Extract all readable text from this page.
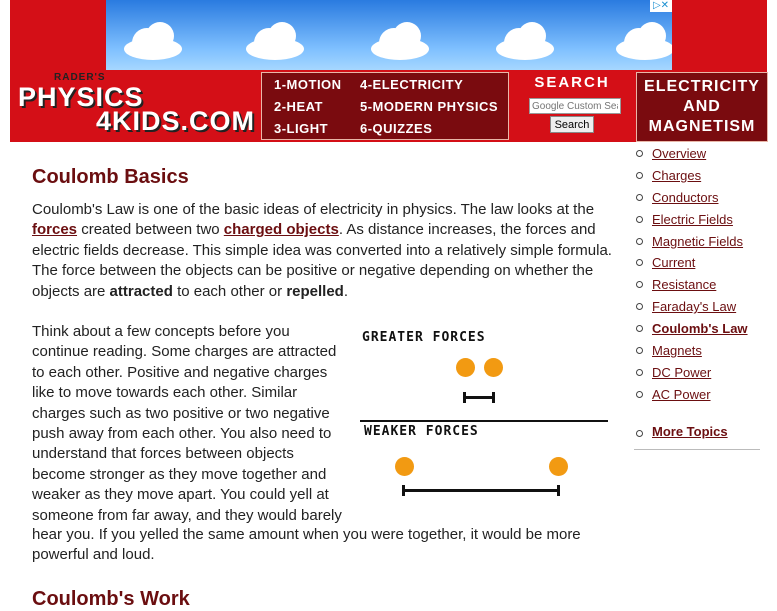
▷✕
RADER'S
PHYSICS
4KIDS.COM
1-MOTION
2-HEAT
3-LIGHT
4-ELECTRICITY
5-MODERN PHYSICS
6-QUIZZES
SEARCH
Google Custom Search
Search
ELECTRICITY
AND
MAGNETISM
Coulomb Basics
Coulomb's Law is one of the basic ideas of electricity in physics. The law looks at the forces created between two charged objects. As distance increases, the forces and electric fields decrease. This simple idea was converted into a relatively simple formula. The force between the objects can be positive or negative depending on whether the objects are attracted to each other or repelled.
Think about a few concepts before you continue reading. Some charges are attracted to each other. Positive and negative charges like to move towards each other. Similar charges such as two positive or two negative push away from each other. You also need to understand that forces between objects become stronger as they move together and weaker as they move apart. You could yell at someone from far away, and they would barely
hear you. If you yelled the same amount when you were together, it would be more powerful and loud.
Coulomb's Work
GREATER FORCES
WEAKER FORCES
Overview
Charges
Conductors
Electric Fields
Magnetic Fields
Current
Resistance
Faraday's Law
Coulomb's Law
Magnets
DC Power
AC Power
More Topics
